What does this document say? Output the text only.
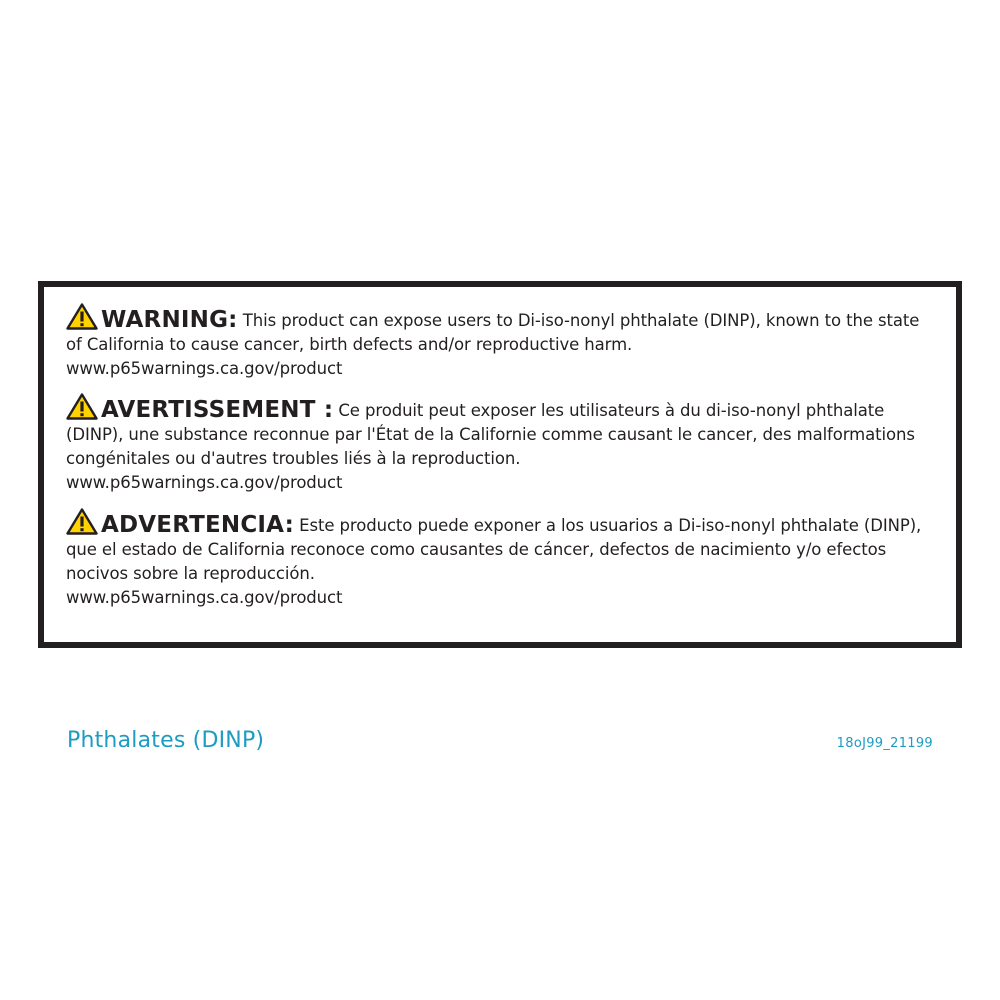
WARNING: This product can expose users to Di-iso-nonyl phthalate (DINP), known to the state of California to cause cancer, birth defects and/or reproductive harm.
www.p65warnings.ca.gov/product

AVERTISSEMENT : Ce produit peut exposer les utilisateurs à du di-iso-nonyl phthalate (DINP), une substance reconnue par l'État de la Californie comme causant le cancer, des malformations congénitales ou d'autres troubles liés à la reproduction.
www.p65warnings.ca.gov/product

ADVERTENCIA: Este producto puede exponer a los usuarios a Di-iso-nonyl phthalate (DINP), que el estado de California reconoce como causantes de cáncer, defectos de nacimiento y/o efectos nocivos sobre la reproducción.
www.p65warnings.ca.gov/product

Phthalates (DINP)	18oJ99_21199
